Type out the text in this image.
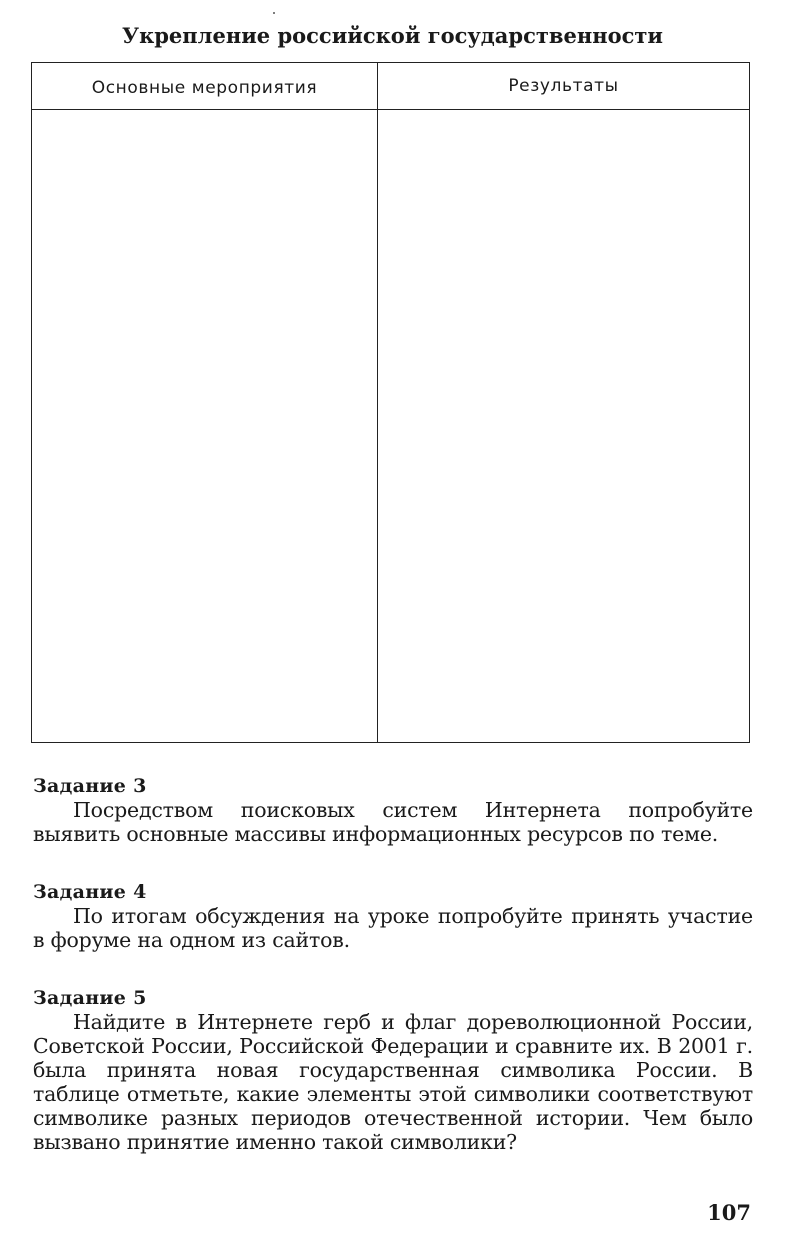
Укрепление российской государственности
Основные мероприятия	Результаты
Задание 3
Посредством поисковых систем Интернета попробуйте выявить основные массивы информационных ресурсов по теме.
Задание 4
По итогам обсуждения на уроке попробуйте принять участие в форуме на одном из сайтов.
Задание 5
Найдите в Интернете герб и флаг дореволюционной России, Советской России, Российской Федерации и сравните их. В 2001 г. была принята новая государственная символика России. В таблице отметьте, какие элементы этой символики соответствуют символике разных периодов отечественной истории. Чем было вызвано принятие именно такой символики?
107
